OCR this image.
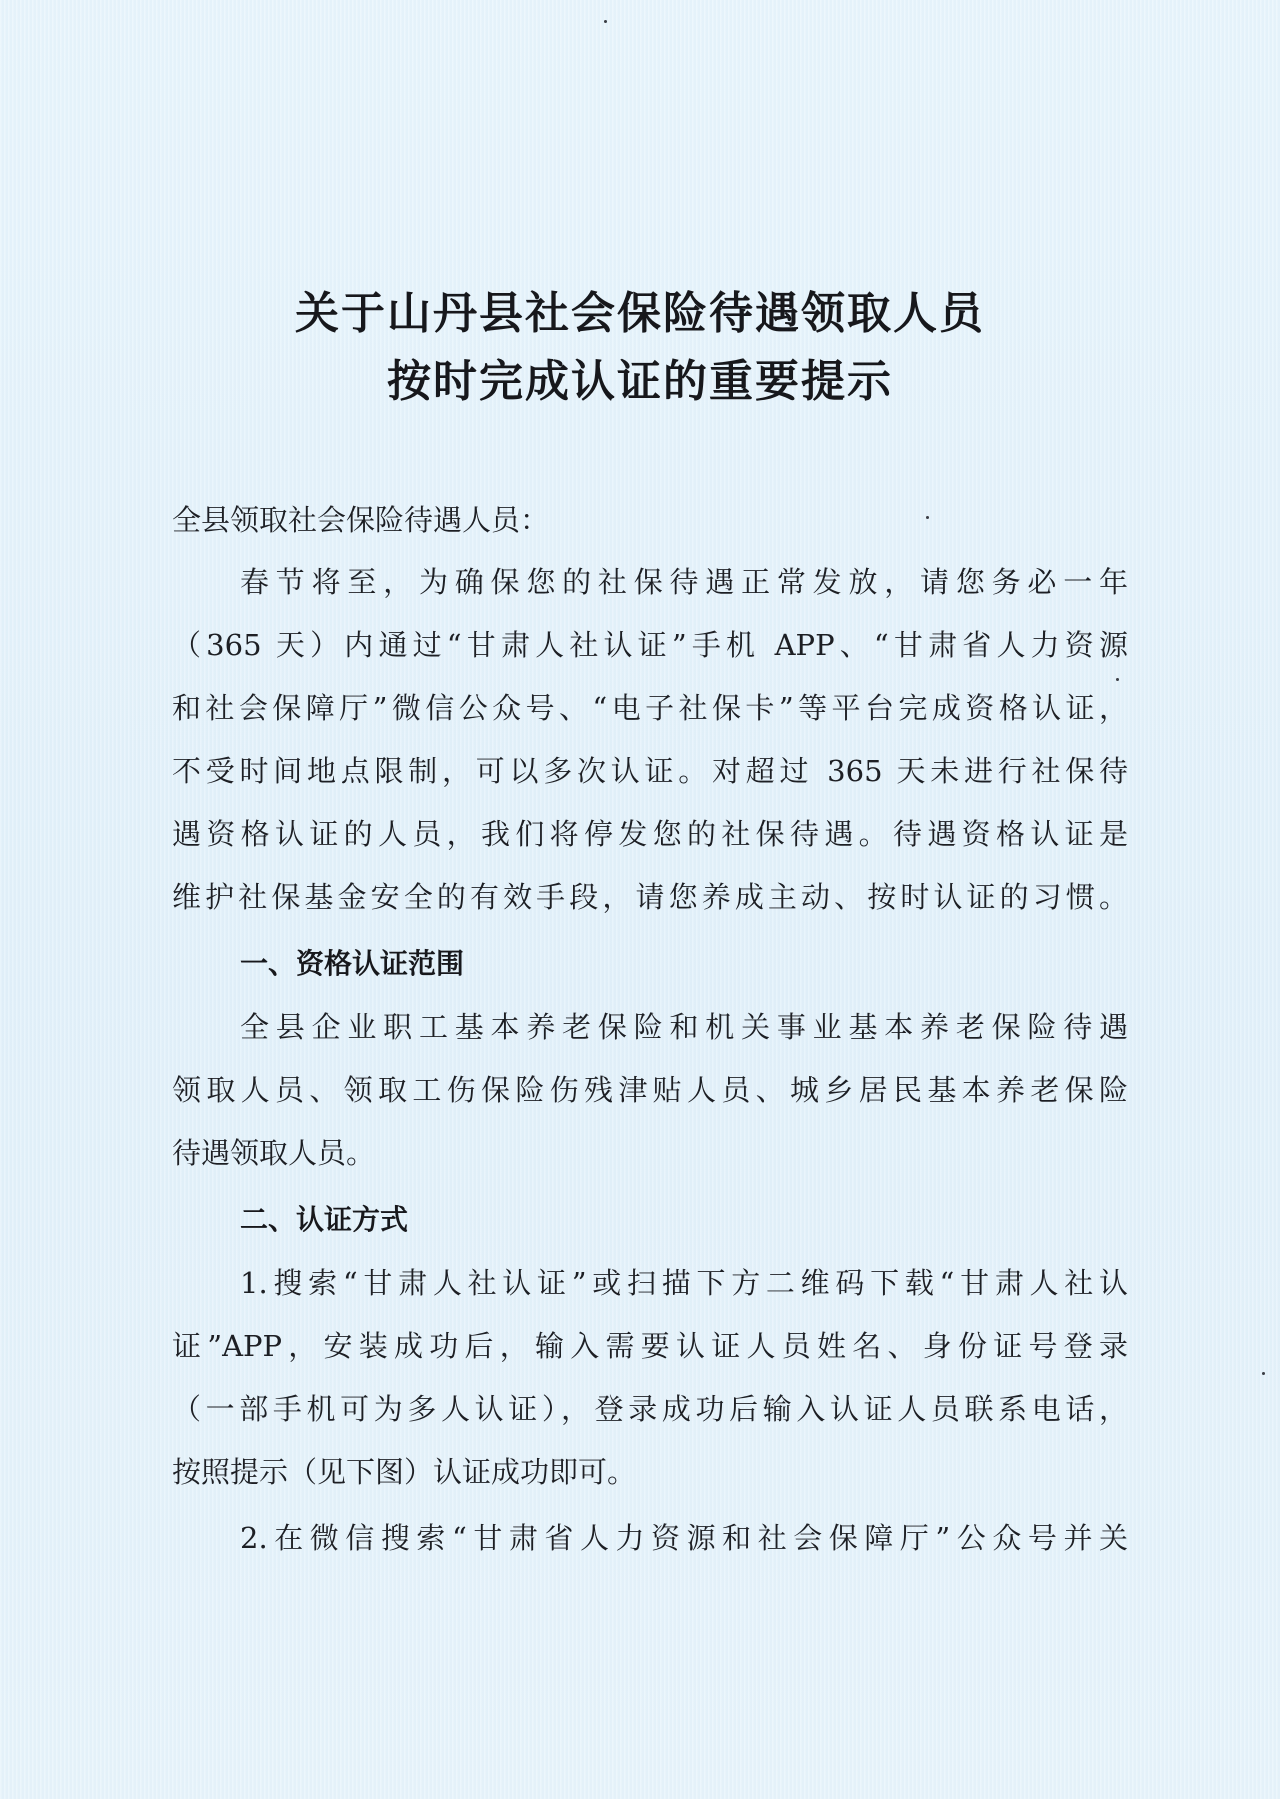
关于山丹县社会保险待遇领取人员
按时完成认证的重要提示
全县领取社会保险待遇人员：
春节将至，为确保您的社保待遇正常发放，请您务必一年
（365 天）内通过“甘肃人社认证”手机 APP、“甘肃省人力资源
和社会保障厅”微信公众号、“电子社保卡”等平台完成资格认证，
不受时间地点限制，可以多次认证。对超过 365 天未进行社保待
遇资格认证的人员，我们将停发您的社保待遇。待遇资格认证是
维护社保基金安全的有效手段，请您养成主动、按时认证的习惯。
一、资格认证范围
全县企业职工基本养老保险和机关事业基本养老保险待遇
领取人员、领取工伤保险伤残津贴人员、城乡居民基本养老保险
待遇领取人员。
二、认证方式
1.搜索“甘肃人社认证”或扫描下方二维码下载“甘肃人社认
证”APP，安装成功后，输入需要认证人员姓名、身份证号登录
（一部手机可为多人认证），登录成功后输入认证人员联系电话，
按照提示（见下图）认证成功即可。
2.在微信搜索“甘肃省人力资源和社会保障厅”公众号并关
